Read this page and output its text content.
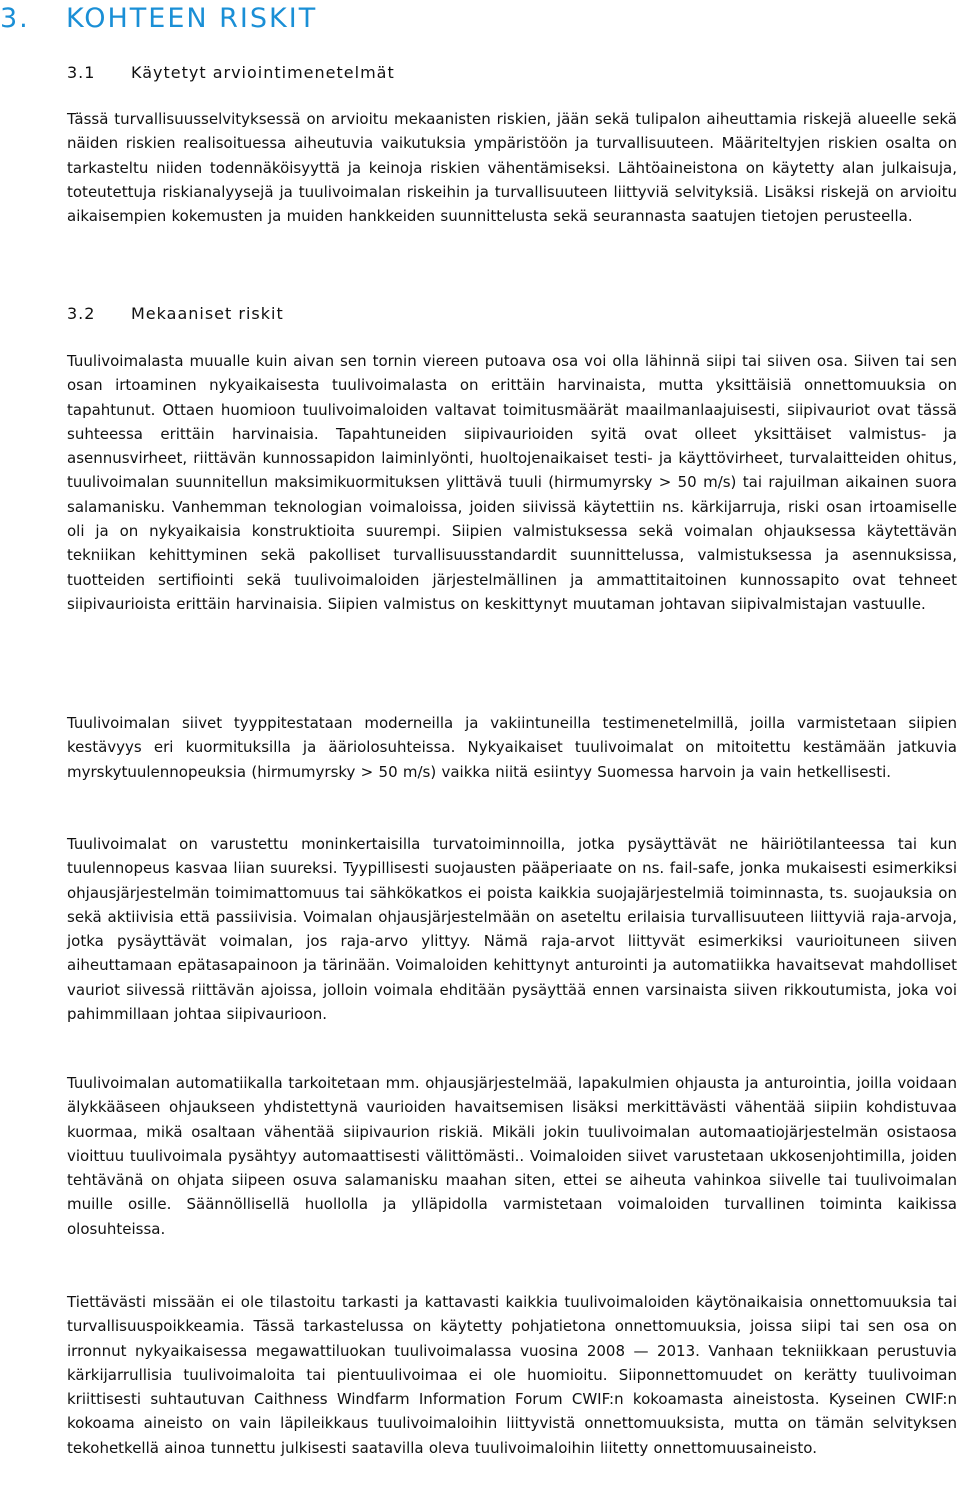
3. KOHTEEN RISKIT
3.1 Käytetyt arviointimenetelmät

Tässä turvallisuusselvityksessä on arvioitu mekaanisten riskien, jään sekä tulipalon aiheuttamia riskejä alueelle sekä näiden riskien realisoituessa aiheutuvia vaikutuksia ympäristöön ja turvallisuuteen. Määriteltyjen riskien osalta on tarkasteltu niiden todennäköisyyttä ja keinoja riskien vähentämiseksi. Lähtöaineistona on käytetty alan julkaisuja, toteutettuja riskianalyysejä ja tuulivoimalan riskeihin ja turvallisuuteen liittyviä selvityksiä. Lisäksi riskejä on arvioitu aikaisempien kokemusten ja muiden hankkeiden suunnittelusta sekä seurannasta saatujen tietojen perusteella.

3.2 Mekaaniset riskit

Tuulivoimalasta muualle kuin aivan sen tornin viereen putoava osa voi olla lähinnä siipi tai siiven osa. Siiven tai sen osan irtoaminen nykyaikaisesta tuulivoimalasta on erittäin harvinaista, mutta yksittäisiä onnettomuuksia on tapahtunut. Ottaen huomioon tuulivoimaloiden valtavat toimitusmäärät maailmanlaajuisesti, siipivauriot ovat tässä suhteessa erittäin harvinaisia. Tapahtuneiden siipivaurioiden syitä ovat olleet yksittäiset valmistus- ja asennusvirheet, riittävän kunnossapidon laiminlyönti, huoltojenaikaiset testi- ja käyttövirheet, turvalaitteiden ohitus, tuulivoimalan suunnitellun maksimikuormituksen ylittävä tuuli (hirmumyrsky > 50 m/s) tai rajuilman aikainen suora salamanisku. Vanhemman teknologian voimaloissa, joiden siivissä käytettiin ns. kärkijarruja, riski osan irtoamiselle oli ja on nykyaikaisia konstruktioita suurempi. Siipien valmistuksessa sekä voimalan ohjauksessa käytettävän tekniikan kehittyminen sekä pakolliset turvallisuusstandardit suunnittelussa, valmistuksessa ja asennuksissa, tuotteiden sertifiointi sekä tuulivoimaloiden järjestelmällinen ja ammattitaitoinen kunnossapito ovat tehneet siipivaurioista erittäin harvinaisia. Siipien valmistus on keskittynyt muutaman johtavan siipivalmistajan vastuulle.

Tuulivoimalan siivet tyyppitestataan moderneilla ja vakiintuneilla testimenetelmillä, joilla varmistetaan siipien kestävyys eri kuormituksilla ja ääriolosuhteissa. Nykyaikaiset tuulivoimalat on mitoitettu kestämään jatkuvia myrskytuulennopeuksia (hirmumyrsky > 50 m/s) vaikka niitä esiintyy Suomessa harvoin ja vain hetkellisesti.

Tuulivoimalat on varustettu moninkertaisilla turvatoiminnoilla, jotka pysäyttävät ne häiriötilanteessa tai kun tuulennopeus kasvaa liian suureksi. Tyypillisesti suojausten pääperiaate on ns. fail-safe, jonka mukaisesti esimerkiksi ohjausjärjestelmän toimimattomuus tai sähkökatkos ei poista kaikkia suojajärjestelmiä toiminnasta, ts. suojauksia on sekä aktiivisia että passiivisia. Voimalan ohjausjärjestelmään on aseteltu erilaisia turvallisuuteen liittyviä raja-arvoja, jotka pysäyttävät voimalan, jos raja-arvo ylittyy. Nämä raja-arvot liittyvät esimerkiksi vaurioituneen siiven aiheuttamaan epätasapainoon ja tärinään. Voimaloiden kehittynyt anturointi ja automatiikka havaitsevat mahdolliset vauriot siivessä riittävän ajoissa, jolloin voimala ehditään pysäyttää ennen varsinaista siiven rikkoutumista, joka voi pahimmillaan johtaa siipivaurioon.

Tuulivoimalan automatiikalla tarkoitetaan mm. ohjausjärjestelmää, lapakulmien ohjausta ja anturointia, joilla voidaan älykkääseen ohjaukseen yhdistettynä vaurioiden havaitsemisen lisäksi merkittävästi vähentää siipiin kohdistuvaa kuormaa, mikä osaltaan vähentää siipivaurion riskiä. Mikäli jokin tuulivoimalan automaatiojärjestelmän osistaosa vioittuu tuulivoimala pysähtyy automaattisesti välittömästi.. Voimaloiden siivet varustetaan ukkosenjohtimilla, joiden tehtävänä on ohjata siipeen osuva salamanisku maahan siten, ettei se aiheuta vahinkoa siivelle tai tuulivoimalan muille osille. Säännöllisellä huollolla ja ylläpidolla varmistetaan voimaloiden turvallinen toiminta kaikissa olosuhteissa.

Tiettävästi missään ei ole tilastoitu tarkasti ja kattavasti kaikkia tuulivoimaloiden käytönaikaisia onnettomuuksia tai turvallisuuspoikkeamia. Tässä tarkastelussa on käytetty pohjatietona onnettomuuksia, joissa siipi tai sen osa on irronnut nykyaikaisessa megawattiluokan tuulivoimalassa vuosina 2008 — 2013. Vanhaan tekniikkaan perustuvia kärkijarrullisia tuulivoimaloita tai pientuulivoimaa ei ole huomioitu. Siiponnettomuudet on kerätty tuulivoiman kriittisesti suhtautuvan Caithness Windfarm Information Forum CWIF:n kokoamasta aineistosta. Kyseinen CWIF:n kokoama aineisto on vain läpileikkaus tuulivoimaloihin liittyvistä onnettomuuksista, mutta on tämän selvityksen tekohetkellä ainoa tunnettu julkisesti saatavilla oleva tuulivoimaloihin liitetty onnettomuusaineisto.
